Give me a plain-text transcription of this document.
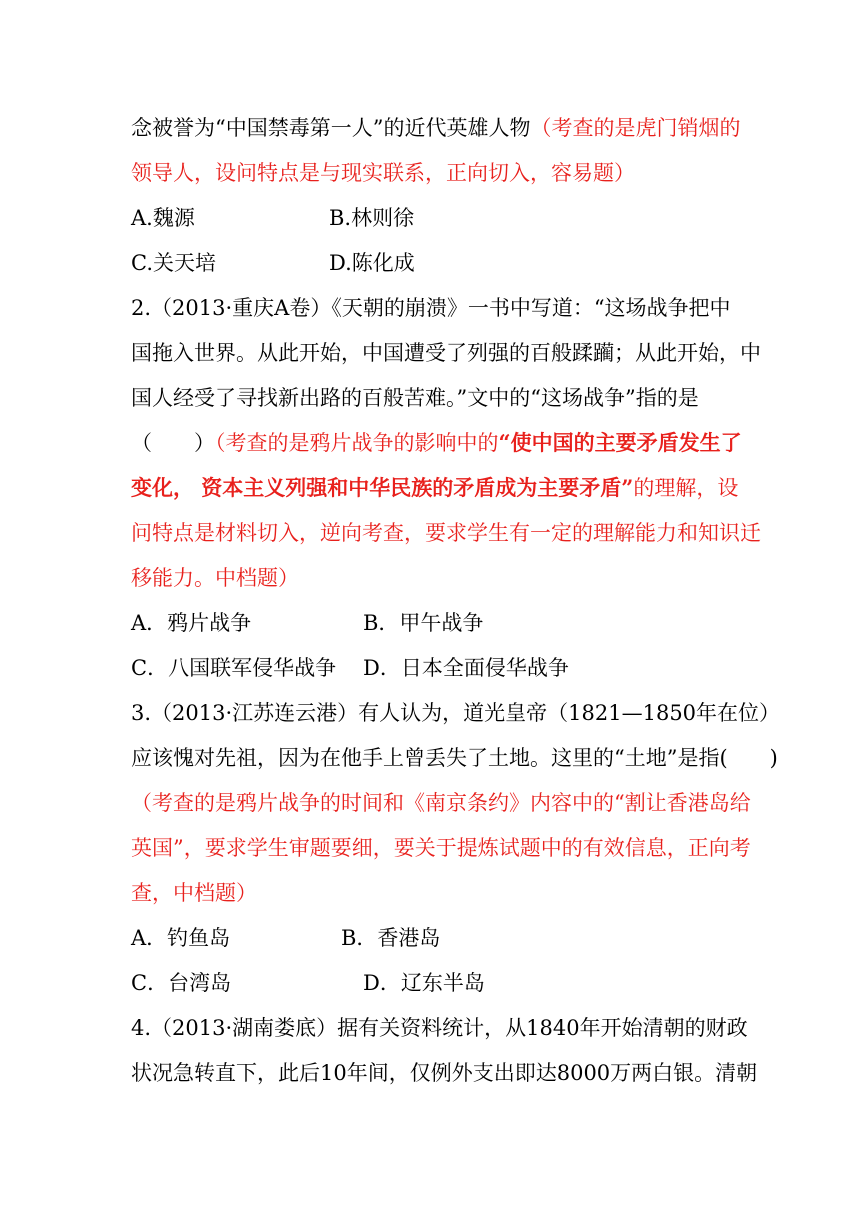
念被誉为“中国禁毒第一人”的近代英雄人物（考查的是虎门销烟的
领导人，设问特点是与现实联系，正向切入，容易题）
A.魏源	B.林则徐
C.关天培	D.陈化成
2.（2013·重庆A卷）《天朝的崩溃》一书中写道：“这场战争把中
国拖入世界。从此开始，中国遭受了列强的百般蹂躏；从此开始，中
国人经受了寻找新出路的百般苦难。”文中的“这场战争”指的是
（　　）（考查的是鸦片战争的影响中的“使中国的主要矛盾发生了
变化， 资本主义列强和中华民族的矛盾成为主要矛盾”的理解，设
问特点是材料切入，逆向考查，要求学生有一定的理解能力和知识迁
移能力。中档题）
A．鸦片战争	B．甲午战争
C．八国联军侵华战争 D．日本全面侵华战争
3.（2013·江苏连云港）有人认为，道光皇帝（1821—1850年在位）
应该愧对先祖，因为在他手上曾丢失了土地。这里的“土地”是指(　　)
（考查的是鸦片战争的时间和《南京条约》内容中的“割让香港岛给
英国”，要求学生审题要细，要关于提炼试题中的有效信息，正向考
查，中档题）
A．钓鱼岛	B．香港岛
C．台湾岛	D．辽东半岛
4.（2013·湖南娄底）据有关资料统计，从1840年开始清朝的财政
状况急转直下，此后10年间，仅例外支出即达8000万两白银。清朝
